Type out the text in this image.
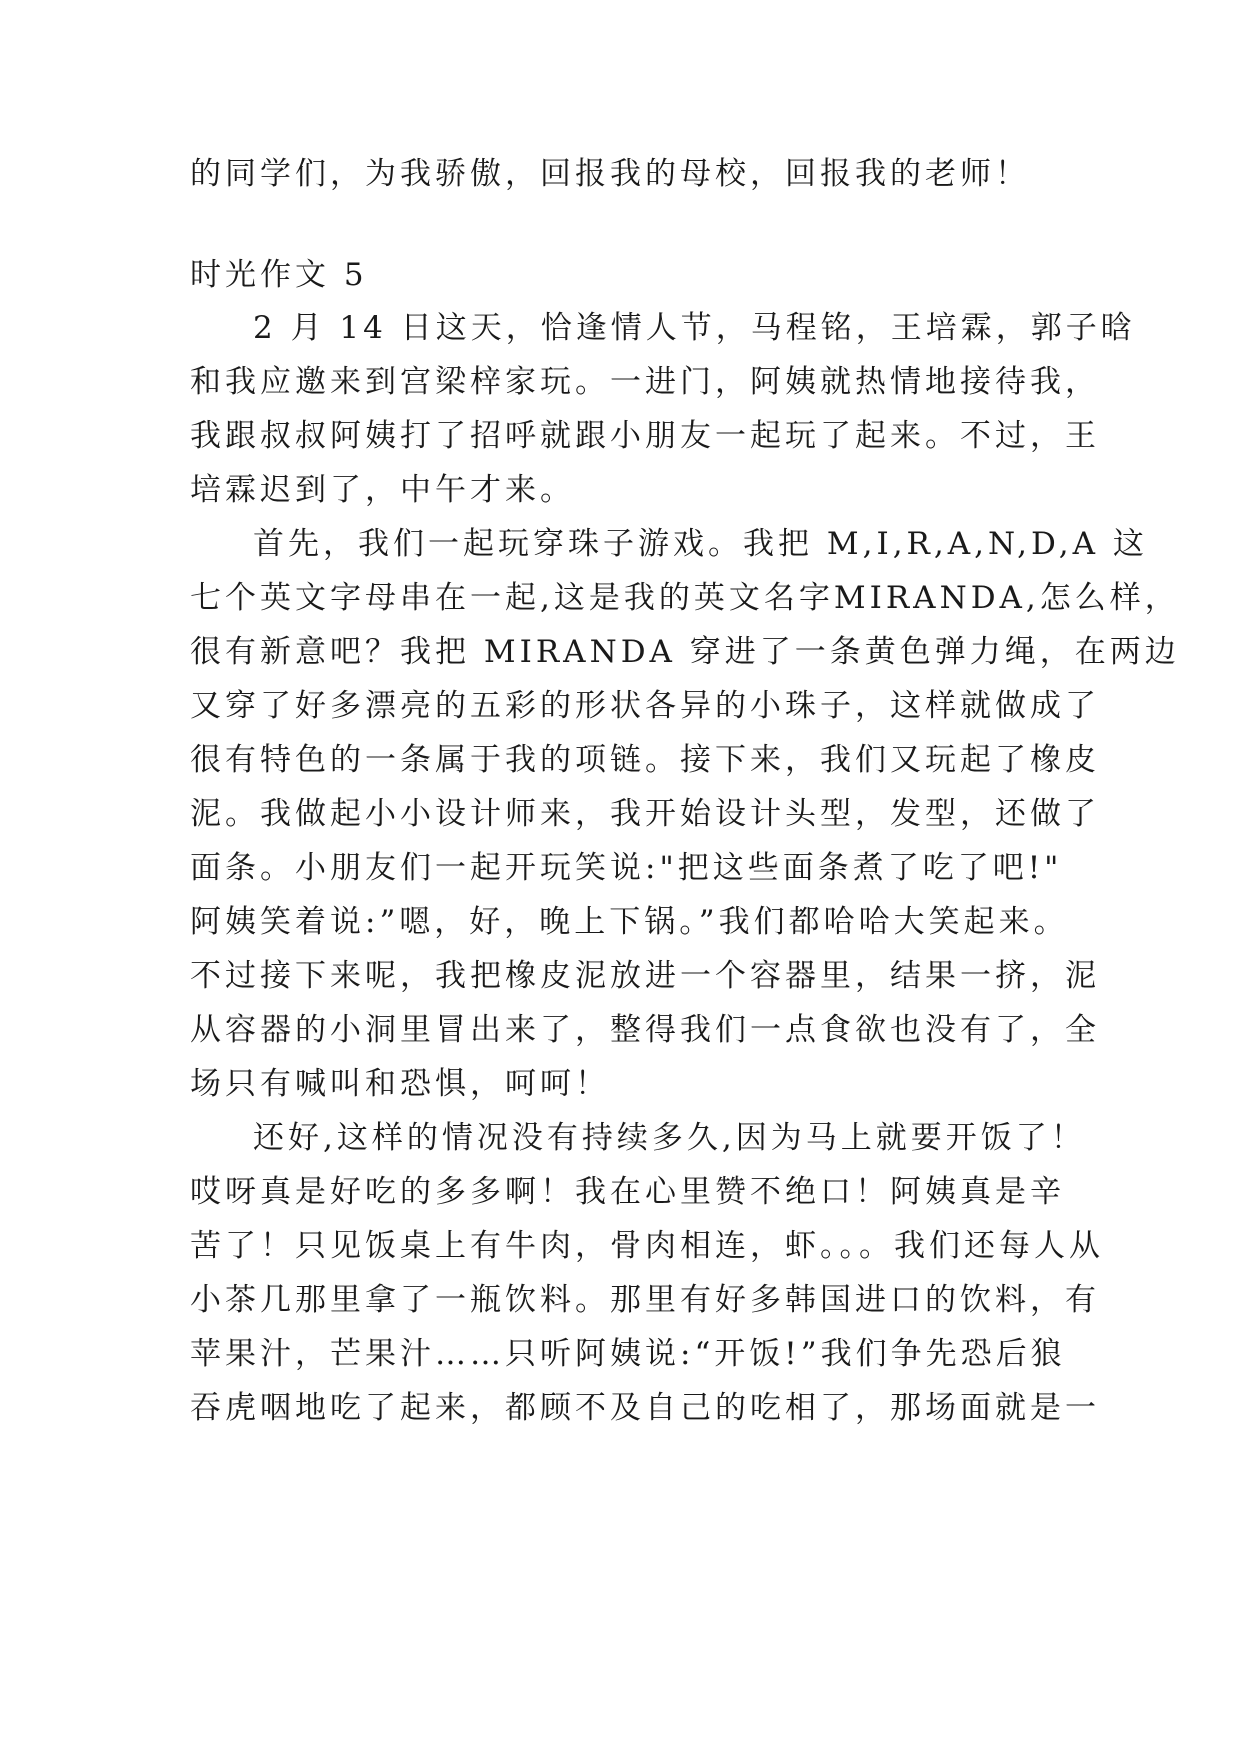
的同学们，为我骄傲，回报我的母校，回报我的老师！
时光作文 5
2 月 14 日这天，恰逢情人节，马程铭，王培霖，郭子晗
和我应邀来到宫梁梓家玩。一进门，阿姨就热情地接待我，
我跟叔叔阿姨打了招呼就跟小朋友一起玩了起来。不过，王
培霖迟到了，中午才来。
首先，我们一起玩穿珠子游戏。我把 M,I,R,A,N,D,A 这
七个英文字母串在一起,这是我的英文名字MIRANDA,怎么样，
很有新意吧？我把 MIRANDA 穿进了一条黄色弹力绳，在两边
又穿了好多漂亮的五彩的形状各异的小珠子，这样就做成了
很有特色的一条属于我的项链。接下来，我们又玩起了橡皮
泥。我做起小小设计师来，我开始设计头型，发型，还做了
面条。小朋友们一起开玩笑说:"把这些面条煮了吃了吧!"
阿姨笑着说:”嗯，好，晚上下锅。”我们都哈哈大笑起来。
不过接下来呢，我把橡皮泥放进一个容器里，结果一挤，泥
从容器的小洞里冒出来了，整得我们一点食欲也没有了，全
场只有喊叫和恐惧，呵呵！
还好,这样的情况没有持续多久,因为马上就要开饭了！
哎呀真是好吃的多多啊！我在心里赞不绝口！阿姨真是辛
苦了！只见饭桌上有牛肉，骨肉相连，虾。。。我们还每人从
小茶几那里拿了一瓶饮料。那里有好多韩国进口的饮料，有
苹果汁，芒果汁……只听阿姨说:“开饭!”我们争先恐后狼
吞虎咽地吃了起来，都顾不及自己的吃相了，那场面就是一
